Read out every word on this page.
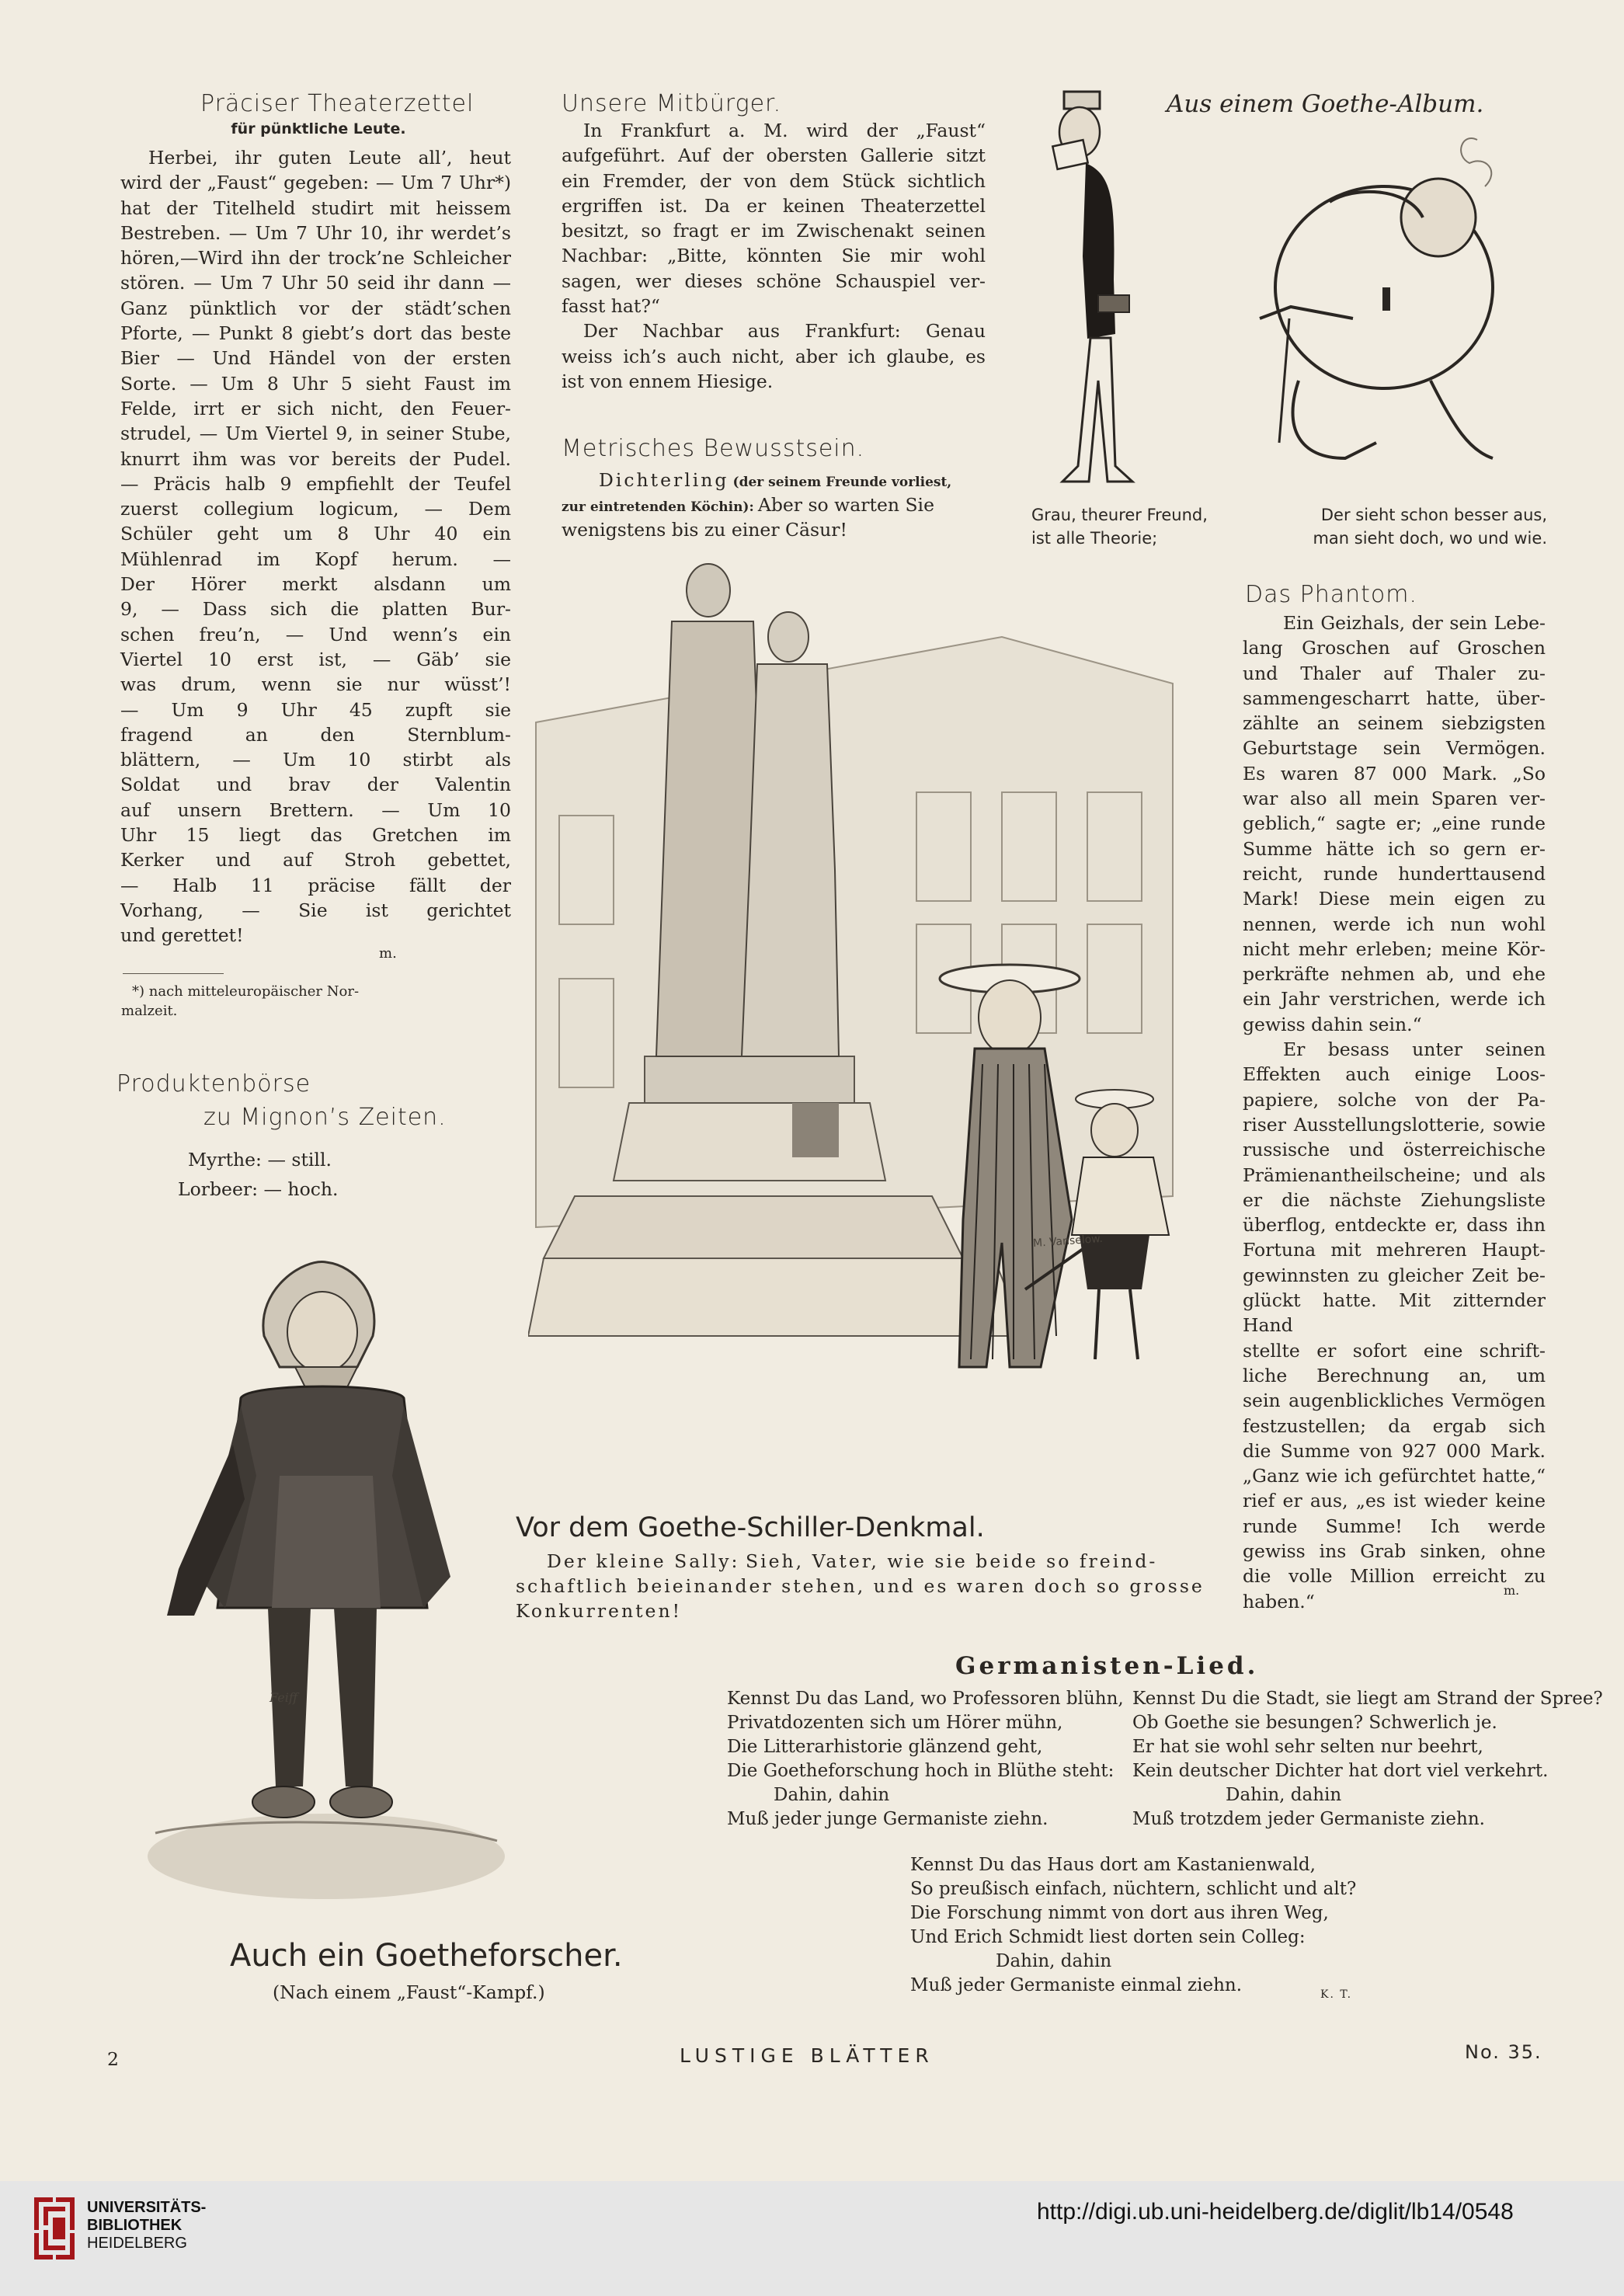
Präciser Theaterzettel
für pünktliche Leute.
Herbei, ihr guten Leute all’, heut
wird der „Faust“ gegeben: — Um 7 Uhr*)
hat der Titelheld studirt mit heissem
Bestreben. — Um 7 Uhr 10, ihr werdet’s
hören,—Wird ihn der trock’ne Schleicher
stören. — Um 7 Uhr 50 seid ihr dann —
Ganz pünktlich vor der städt’schen
Pforte, — Punkt 8 giebt’s dort das beste
Bier — Und Händel von der ersten
Sorte. — Um 8 Uhr 5 sieht Faust im
Felde, irrt er sich nicht, den Feuer-
strudel, — Um Viertel 9, in seiner Stube,
knurrt ihm was vor bereits der Pudel.
— Präcis halb 9 empfiehlt der Teufel
zuerst collegium logicum, — Dem
Schüler geht um 8 Uhr 40 ein
Mühlenrad im Kopf herum. —
Der Hörer merkt alsdann um
9, — Dass sich die platten Bur-
schen freu’n, — Und wenn’s ein
Viertel 10 erst ist, — Gäb’ sie
was drum, wenn sie nur wüsst’!
— Um 9 Uhr 45 zupft sie
fragend an den Sternblum-
blättern, — Um 10 stirbt als
Soldat und brav der Valentin
auf unsern Brettern. — Um 10
Uhr 15 liegt das Gretchen im
Kerker und auf Stroh gebettet,
— Halb 11 präcise fällt der
Vorhang, — Sie ist gerichtet
und gerettet!
m.
*) nach mitteleuropäischer Nor-
malzeit.
Produktenbörse
zu Mignon’s Zeiten.
Myrthe: — still.
Lorbeer: — hoch.
Feiff
Auch ein Goetheforscher.
(Nach einem „Faust“-Kampf.)
Unsere Mitbürger.
In Frankfurt a. M. wird der „Faust“
aufgeführt. Auf der obersten Gallerie sitzt
ein Fremder, der von dem Stück sichtlich
ergriffen ist. Da er keinen Theaterzettel
besitzt, so fragt er im Zwischenakt seinen
Nachbar: „Bitte, könnten Sie mir wohl
sagen, wer dieses schöne Schauspiel ver-
fasst hat?“
Der Nachbar aus Frankfurt: Genau
weiss ich’s auch nicht, aber ich glaube, es
ist von ennem Hiesige.
Metrisches Bewusstsein.
Dichterling (der seinem Freunde vorliest,
zur eintretenden Köchin): Aber so warten Sie
wenigstens bis zu einer Cäsur!
Aus einem Goethe-Album.
Grau, theurer Freund,
ist alle Theorie;
Der sieht schon besser aus,
man sieht doch, wo und wie.
Das Phantom.
Ein Geizhals, der sein Lebe-
lang Groschen auf Groschen
und Thaler auf Thaler zu-
sammengescharrt hatte, über-
zählte an seinem siebzigsten
Geburtstage sein Vermögen.
Es waren 87 000 Mark. „So
war also all mein Sparen ver-
geblich,“ sagte er; „eine runde
Summe hätte ich so gern er-
reicht, runde hunderttausend
Mark! Diese mein eigen zu
nennen, werde ich nun wohl
nicht mehr erleben; meine Kör-
perkräfte nehmen ab, und ehe
ein Jahr verstrichen, werde ich
gewiss dahin sein.“
Er besass unter seinen
Effekten auch einige Loos-
papiere, solche von der Pa-
riser Ausstellungslotterie, sowie
russische und österreichische
Prämienantheilscheine; und als
er die nächste Ziehungsliste
überflog, entdeckte er, dass ihn
Fortuna mit mehreren Haupt-
gewinnsten zu gleicher Zeit be-
glückt hatte. Mit zitternder Hand
stellte er sofort eine schrift-
liche Berechnung an, um
sein augenblickliches Vermögen
festzustellen; da ergab sich
die Summe von 927 000 Mark.
„Ganz wie ich gefürchtet hatte,“
rief er aus, „es ist wieder keine
runde Summe! Ich werde
gewiss ins Grab sinken, ohne
die volle Million erreicht zu
haben.“
m.
M. Vanselow.
Vor dem Goethe-Schiller-Denkmal.
Der kleine Sally: Sieh, Vater, wie sie beide so freind-
schaftlich beieinander stehen, und es waren doch so grosse
Konkurrenten!
Germanisten-Lied.
Kennst Du das Land, wo Professoren blühn,
Privatdozenten sich um Hörer mühn,
Die Litterarhistorie glänzend geht,
Die Goetheforschung hoch in Blüthe steht:
Dahin, dahin
Muß jeder junge Germaniste ziehn.
Kennst Du die Stadt, sie liegt am Strand der Spree?
Ob Goethe sie besungen? Schwerlich je.
Er hat sie wohl sehr selten nur beehrt,
Kein deutscher Dichter hat dort viel verkehrt.
Dahin, dahin
Muß trotzdem jeder Germaniste ziehn.
Kennst Du das Haus dort am Kastanienwald,
So preußisch einfach, nüchtern, schlicht und alt?
Die Forschung nimmt von dort aus ihren Weg,
Und Erich Schmidt liest dorten sein Colleg:
Dahin, dahin
Muß jeder Germaniste einmal ziehn.	K. T.
2	LUSTIGE BLÄTTER	No. 35.
UNIVERSITÄTS-
BIBLIOTHEK
HEIDELBERG
http://digi.ub.uni-heidelberg.de/diglit/lb14/0548
